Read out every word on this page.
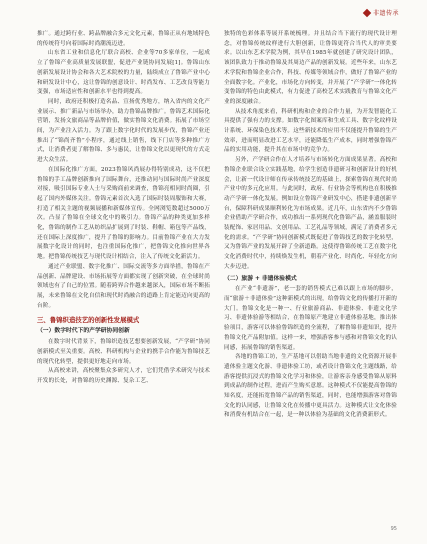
非遗传承

推广。通过跨行业、跨品牌融合多元文化元素，鲁锦正从有地域特色的传统符号向着国际时尚潮流迈进。

山东省工业和信息化厅联合高校、企业等70多家单位，一起成立了鲁锦产业高质量发展联盟，促进产业链协同发展[1]。鲁锦山东创新发展设计协会和各大艺术院校的力量，陆续成立了鲁锦产业中心和研发设计中心，这让鲁锦的创意设计、时尚发布、工艺改良等能力变强，市场适应性和创新水平也得到提高。

同时，政府还积极打造名品、宣扬优秀地方，纳入省内的文化产业展示、推广新品与市场举办，助力鲁锦品牌推广。鲁锦艺术国际化营销，发扬文旅商品等品牌价值，做实鲁锦文化消费。拓展了市场空间，为产业注入活力。为了跟上数字化时代的发展步伐，鲁锦产业还推出了“锦尚齐鲁”小程序，通过线上销售，线下门店等多种推广方式，让消费者更了解鲁锦、多与惠民，让鲁锦文化以更现代的方式走进大众生活。

在国际化推广方面，2023鲁锦风尚展办得特别成功，这不仅把鲁锦的手工品牌创新推向了国际舞台，还推动同与国际时尚产业深度对接，吸引国际专业人士与采购商前来调查，鲁锦亮相同时尚圈，引起了国内外媒体关注。鲁锦元素首次入选了国际时装周服饰和大赛，打造了相关主题的视频展播和新媒体宣传。全网浏览数超过5000万次。凸显了鲁锦在全球文化中的吸引力。鲁锦产品的种类更加多样化，鲁锦的制作工艺从纺织品扩展到了时装、鞋帽、箱包等产品线，还在国际上深度推广，提升了鲁锦的影响力。目前鲁锦产业在大力发展数字化设计的同时，也注重国际化推广，把鲁锦文化推向世界各地。把鲁锦传统技艺与现代设计相结合，注入了传统文化新活力。

通过产业联盟、数字化推广、国际交流等多方面举措，鲁锦在产品创新、品牌建设、市场拓展等方面都实现了创新突破，在全球时尚领域也有了自己的位置。随着跨界合作越来越深入，国际市场不断拓展，未来鲁锦在文化自信和现代时尚融合的道路上肯定能迈向更高的台阶。

三、鲁锦织造技艺的创新性发展模式
（一）数字时代下的产学研协同创新

在数字时代背景下，鲁锦织造技艺想要创新发展，“产学研”协同创新模式至关重要。高校、科研机构与企业的携手合作能为鲁锦技艺的现代化转型，提供更好地走向市场。

从高校来讲，高校聚集众多研究人才，它们凭借学术研究与技术开发的长处，对鲁锦的历史渊源、复杂工艺、

独特的色彩体系等展开系统梳理。并且结合当下流行的现代设计理念，对鲁锦传统纹样进行大胆创新，让鲁锦更符合当代人的审美要求。以山东艺术学院为例，其早在1985年就创建了研究设计团队，该团队致力于推动鲁锦及其周边产品的创新发展。近些年来，山东艺术学院和鲁锦企业合作，科技、传媒等领域合作，做好了鲁锦产业的全面数字化。产业化，市场化方向转变，并开展了“产学研”一体化转变鲁锦的特色由此模式，有力促进了高校艺术实践教育与鲁锦文化产业的深度融合。

从技术角度来看，科研机构和企业的合作力量，为开发智能化工具提供了强有力的支撑。如数字化图案库和生成工具、数字化纹样设计系统、环保染色技术等。这些新技术的应用不仅能提升鲁锦的生产效率，进而明显改进工艺水平，还能降低生产成本，同时增强鲁锦产品的实用功能，提升其在市场中的竞争力。

另外，产学研合作在人才培养与市场转化方面成果显著。高校和鲁锦企业联合设立实践基地，给学生创造非遗研习和创新设计的好机会，让新一代设计师在传承传统技艺的基础上，探索鲁锦在现代时尚产业中的多元化应用。与此同时，政府、行业协会等机构也在积极推动产学研一体化发展。例如设立鲁锦产业研发中心，搭建非遗创新平台，保障科研成果顺利转化为市场成果。近几年，山东省内不少鲁锦企业借助产学研合作，成功推出一系列现代化鲁锦产品，涵盖服装时装配饰、家居用品、文创用品、工艺礼品等领域，满足了消费者多元化的需求。“产学研”协同创新模式既促进了鲁锦技艺的数字化转型，又为鲁锦产业的发展开辟了全新道路。这使得鲁锦传统工艺在数字化文化消费时代中，持续焕发生机，朝着产业化、时尚化、年轻化方向大步迈进。

（二）旅游 + 非遗体验模式

在产业“非遗游”，老一套的销售模式已难以跟上市场的脚步，而“旅游＋非遗体验”这种新模式的出现，给鲁锦文化的传播打开新的大门。鲁锦文化是一种一、行业旅游商品、非遗体验、非遗文化学习、非遗体验游等相结合，在鲁锦原产地建立非遗体验基地，推出体验项目，游客可以体验鲁锦织造的全流程，了解鲁锦非遗知识，提升鲁锦文化产品附加值。这样一来，增强游客参与感和对鲁锦文化的认同感，拓展鲁锦的销售渠道。

各地的鲁锦工坊，生产基地可以借助当地非遗的文化资源开展非遗体验主题文化游、非遗体验工坊，或者设计鲁锦文化主题线路，给游客提供沉浸式的鲁锦文化学习和体验，让游客亲身感受鲁锦从原料到成品的制作过程，进而产生购买意愿。这种模式不仅能提高鲁锦的知名度，还能拓宽鲁锦产品的销售渠道，同时，也能增强游客对鲁锦文化的认同感，让鲁锦文化在传播中更具活力。这种模式让文化体验和消费有机结合在一起，是一种以体验为基础的文化消费新形式。

95
